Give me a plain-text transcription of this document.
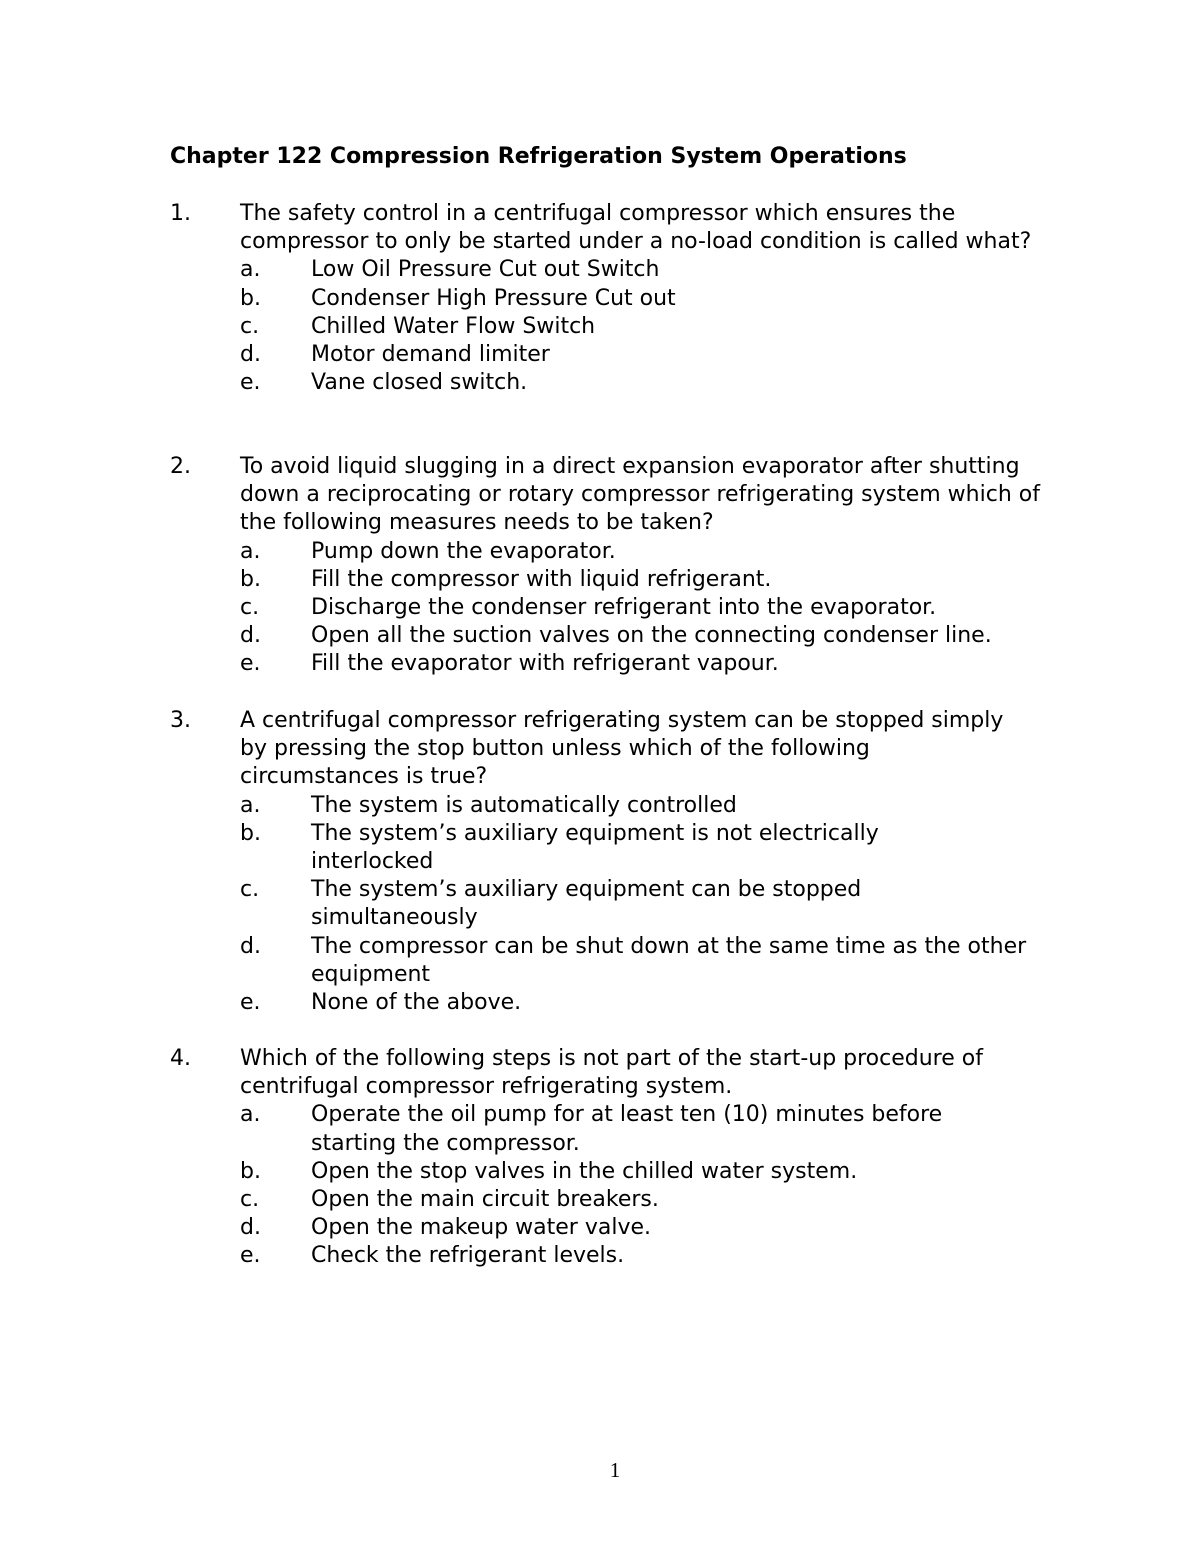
Chapter 122 Compression Refrigeration System Operations
1.	The safety control in a centrifugal compressor which ensures the compressor to only be started under a no-load condition is called what?
a.	Low Oil Pressure Cut out Switch
b.	Condenser High Pressure Cut out
c.	Chilled Water Flow Switch
d.	Motor demand limiter
e.	Vane closed switch.
2.	To avoid liquid slugging in a direct expansion evaporator after shutting down a reciprocating or rotary compressor refrigerating system which of the following measures needs to be taken?
a.	Pump down the evaporator.
b.	Fill the compressor with liquid refrigerant.
c.	Discharge the condenser refrigerant into the evaporator.
d.	Open all the suction valves on the connecting condenser line.
e.	Fill the evaporator with refrigerant vapour.
3.	A centrifugal compressor refrigerating system can be stopped simply by pressing the stop button unless which of the following circumstances is true?
a.	The system is automatically controlled
b.	The system’s auxiliary equipment is not electrically interlocked
c.	The system’s auxiliary equipment can be stopped simultaneously
d.	The compressor can be shut down at the same time as the other equipment
e.	None of the above.
4.	Which of the following steps is not part of the start-up procedure of centrifugal compressor refrigerating system.
a.	Operate the oil pump for at least ten (10) minutes before starting the compressor.
b.	Open the stop valves in the chilled water system.
c.	Open the main circuit breakers.
d.	Open the makeup water valve.
e.	Check the refrigerant levels.
1
